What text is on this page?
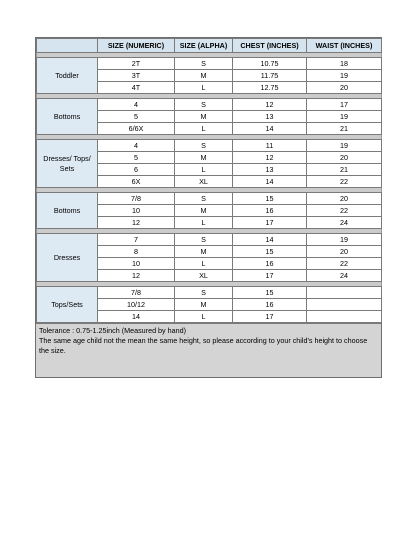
	SIZE (NUMERIC)	SIZE (ALPHA)	CHEST (INCHES)	WAIST (INCHES)

Toddler	2T	S	10.75	18
	3T	M	11.75	19
	4T	L	12.75	20

Bottoms	4	S	12	17
	5	M	13	19
	6/6X	L	14	21

Dresses/ Tops/ Sets	4	S	11	19
	5	M	12	20
	6	L	13	21
	6X	XL	14	22

Bottoms	7/8	S	15	20
	10	M	16	22
	12	L	17	24

Dresses	7	S	14	19
	8	M	15	20
	10	L	16	22
	12	XL	17	24

Tops/Sets	7/8	S	15	
	10/12	M	16	
	14	L	17	

Tolerance : 0.75-1.25inch (Measured by hand)

The same age child not the mean the same height, so please according to your child's height to choose the size.
